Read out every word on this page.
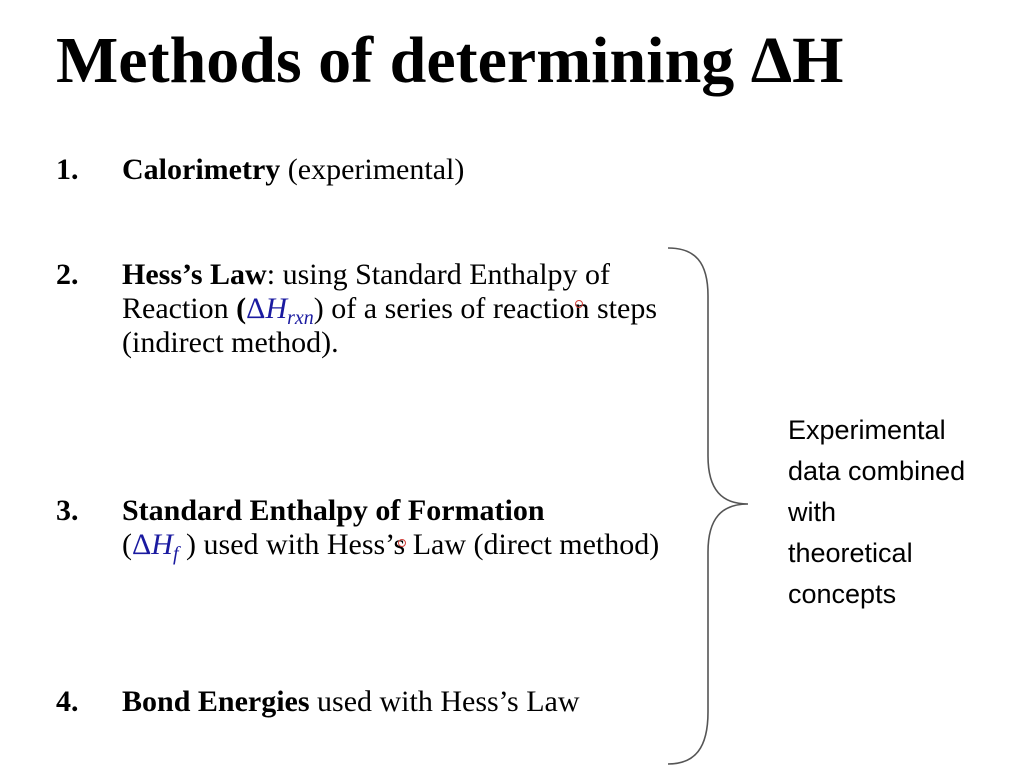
Methods of determining ΔH
1. Calorimetry (experimental)
2. Hess’s Law: using Standard Enthalpy of Reaction $(\Delta H_{rxn})$ of a series of reaction steps (indirect method).
3. Standard Enthalpy of Formation
($\Delta H_f$ ) used with Hess’s Law (direct method)
4. Bond Energies used with Hess’s Law
Experimental
data combined
with
theoretical
concepts
